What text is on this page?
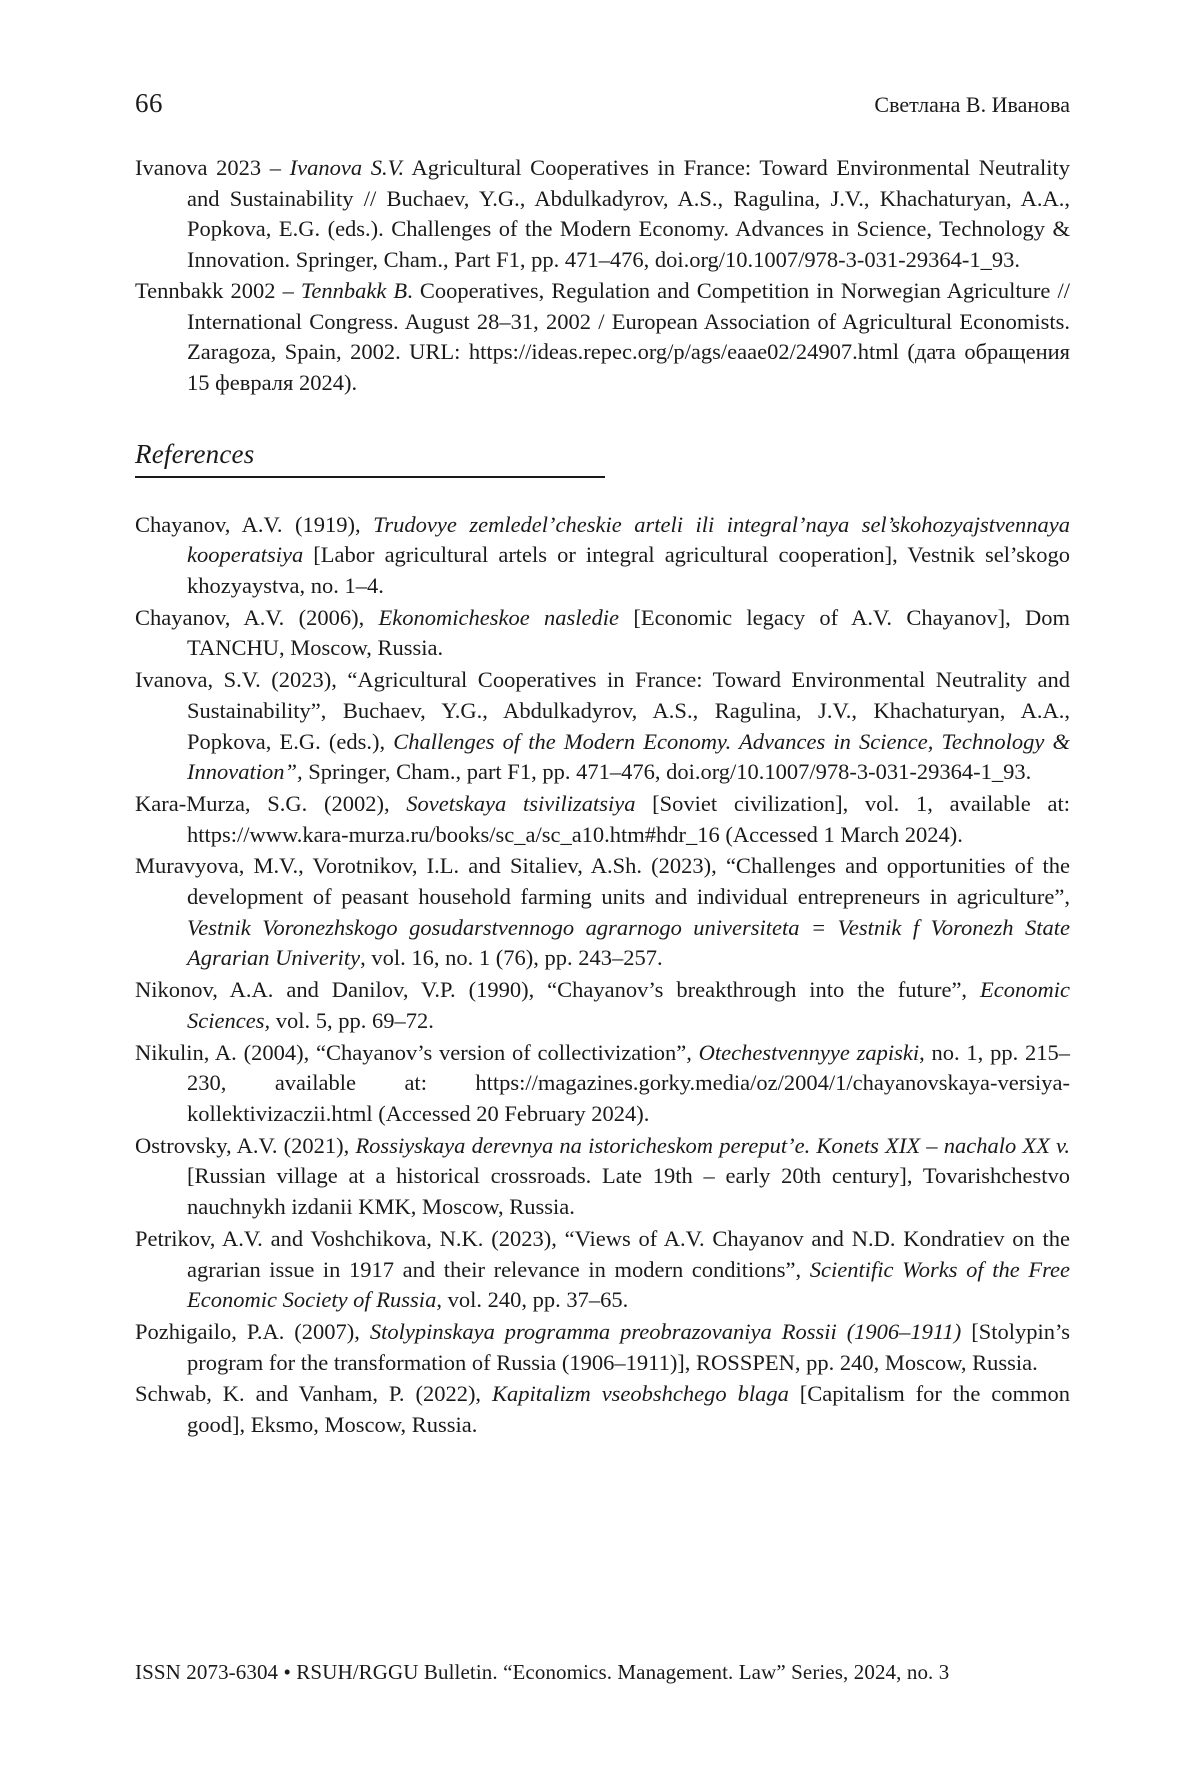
66	Светлана В. Иванова
Ivanova 2023 – Ivanova S.V. Agricultural Cooperatives in France: Toward Environmental Neutrality and Sustainability // Buchaev, Y.G., Abdulkadyrov, A.S., Ragulina, J.V., Khachaturyan, A.A., Popkova, E.G. (eds.). Challenges of the Modern Economy. Advances in Science, Technology & Innovation. Springer, Cham., Part F1, pp. 471–476, doi.org/10.1007/978-3-031-29364-1_93.
Tennbakk 2002 – Tennbakk B. Cooperatives, Regulation and Competition in Norwegian Agriculture // International Congress. August 28–31, 2002 / European Association of Agricultural Economists. Zaragoza, Spain, 2002. URL: https://ideas.repec.org/p/ags/eaae02/24907.html (дата обращения 15 февраля 2024).
References
Chayanov, A.V. (1919), Trudovye zemledel’cheskie arteli ili integral’naya sel’skohozyajstvennaya kooperatsiya [Labor agricultural artels or integral agricultural cooperation], Vestnik sel’skogo khozyaystva, no. 1–4.
Chayanov, A.V. (2006), Ekonomicheskoe nasledie [Economic legacy of A.V. Chayanov], Dom TANCHU, Moscow, Russia.
Ivanova, S.V. (2023), “Agricultural Cooperatives in France: Toward Environmental Neutrality and Sustainability”, Buchaev, Y.G., Abdulkadyrov, A.S., Ragulina, J.V., Khachaturyan, A.A., Popkova, E.G. (eds.), Challenges of the Modern Economy. Advances in Science, Technology & Innovation”, Springer, Cham., part F1, pp. 471–476, doi.org/10.1007/978-3-031-29364-1_93.
Kara-Murza, S.G. (2002), Sovetskaya tsivilizatsiya [Soviet civilization], vol. 1, available at: https://www.kara-murza.ru/books/sc_a/sc_a10.htm#hdr_16 (Accessed 1 March 2024).
Muravyova, M.V., Vorotnikov, I.L. and Sitaliev, A.Sh. (2023), “Challenges and opportunities of the development of peasant household farming units and individual entrepreneurs in agriculture”, Vestnik Voronezhskogo gosudarstvennogo agrarnogo universiteta = Vestnik f Voronezh State Agrarian Univerity, vol. 16, no. 1 (76), pp. 243–257.
Nikonov, A.A. and Danilov, V.P. (1990), “Chayanov’s breakthrough into the future”, Economic Sciences, vol. 5, pp. 69–72.
Nikulin, A. (2004), “Chayanov’s version of collectivization”, Otechestvennyye zapiski, no. 1, pp. 215–230, available at: https://magazines.gorky.media/oz/2004/1/chayanovskaya-versiya-kollektivizaczii.html (Accessed 20 February 2024).
Ostrovsky, A.V. (2021), Rossiyskaya derevnya na istoricheskom pereput’e. Konets XIX – nachalo XX v. [Russian village at a historical crossroads. Late 19th – early 20th century], Tovarishchestvo nauchnykh izdanii KMK, Moscow, Russia.
Petrikov, A.V. and Voshchikova, N.K. (2023), “Views of A.V. Chayanov and N.D. Kondratiev on the agrarian issue in 1917 and their relevance in modern conditions”, Scientific Works of the Free Economic Society of Russia, vol. 240, pp. 37–65.
Pozhigailo, P.A. (2007), Stolypinskaya programma preobrazovaniya Rossii (1906–1911) [Stolypin’s program for the transformation of Russia (1906–1911)], ROSSPEN, pp. 240, Moscow, Russia.
Schwab, K. and Vanham, P. (2022), Kapitalizm vseobshchego blaga [Capitalism for the common good], Eksmo, Moscow, Russia.
ISSN 2073-6304 • RSUH/RGGU Bulletin. “Economics. Management. Law” Series, 2024, no. 3
